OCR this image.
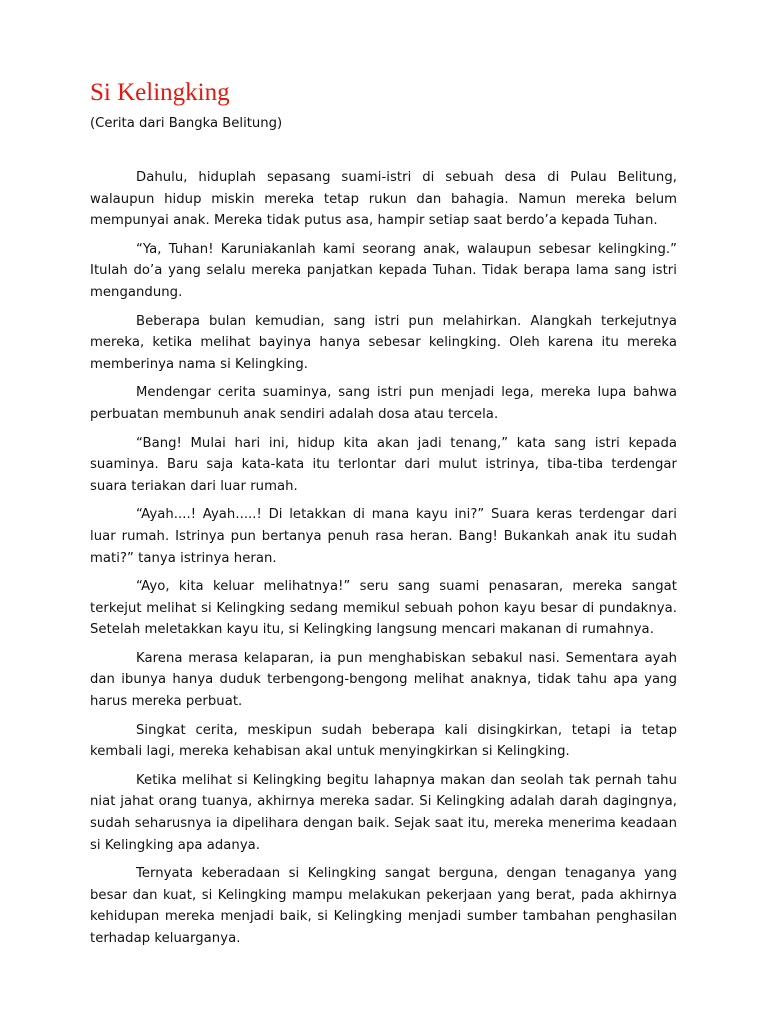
Si Kelingking

(Cerita dari Bangka Belitung)

Dahulu, hiduplah sepasang suami-istri di sebuah desa di Pulau Belitung, walaupun hidup miskin mereka tetap rukun dan bahagia. Namun mereka belum mempunyai anak. Mereka tidak putus asa, hampir setiap saat berdo’a kepada Tuhan.

“Ya, Tuhan! Karuniakanlah kami seorang anak, walaupun sebesar kelingking.” Itulah do’a yang selalu mereka panjatkan kepada Tuhan. Tidak berapa lama sang istri mengandung.

Beberapa bulan kemudian, sang istri pun melahirkan. Alangkah terkejutnya mereka, ketika melihat bayinya hanya sebesar kelingking. Oleh karena itu mereka memberinya nama si Kelingking.

Mendengar cerita suaminya, sang istri pun menjadi lega, mereka lupa bahwa perbuatan membunuh anak sendiri adalah dosa atau tercela.

“Bang! Mulai hari ini, hidup kita akan jadi tenang,” kata sang istri kepada suaminya. Baru saja kata-kata itu terlontar dari mulut istrinya, tiba-tiba terdengar suara teriakan dari luar rumah.

“Ayah....! Ayah.....! Di letakkan di mana kayu ini?” Suara keras terdengar dari luar rumah. Istrinya pun bertanya penuh rasa heran. Bang! Bukankah anak itu sudah mati?” tanya istrinya heran.

“Ayo, kita keluar melihatnya!” seru sang suami penasaran, mereka sangat terkejut melihat si Kelingking sedang memikul sebuah pohon kayu besar di pundaknya. Setelah meletakkan kayu itu, si Kelingking langsung mencari makanan di rumahnya.

Karena merasa kelaparan, ia pun menghabiskan sebakul nasi. Sementara ayah dan ibunya hanya duduk terbengong-bengong melihat anaknya, tidak tahu apa yang harus mereka perbuat.

Singkat cerita, meskipun sudah beberapa kali disingkirkan, tetapi ia tetap kembali lagi, mereka kehabisan akal untuk menyingkirkan si Kelingking.

Ketika melihat si Kelingking begitu lahapnya makan dan seolah tak pernah tahu niat jahat orang tuanya, akhirnya mereka sadar. Si Kelingking adalah darah dagingnya, sudah seharusnya ia dipelihara dengan baik. Sejak saat itu, mereka menerima keadaan si Kelingking apa adanya.

Ternyata keberadaan si Kelingking sangat berguna, dengan tenaganya yang besar dan kuat, si Kelingking mampu melakukan pekerjaan yang berat, pada akhirnya kehidupan mereka menjadi baik, si Kelingking menjadi sumber tambahan penghasilan terhadap keluarganya.
